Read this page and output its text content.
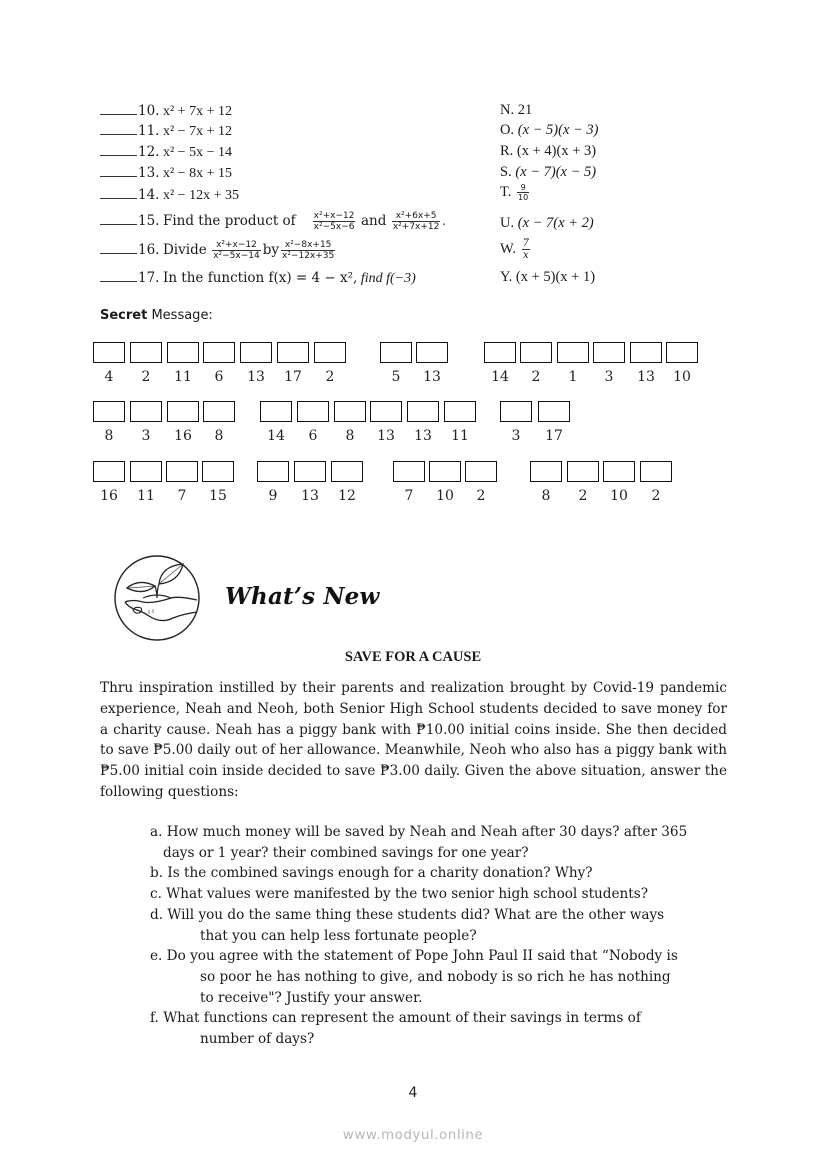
10. x² + 7x + 12
11. x² − 7x + 12
12. x² − 5x − 14
13. x² − 8x + 15
14. x² − 12x + 35
15. Find the product of $\frac{\text{x²+x−12}}{\text{x²−5x−6}}$ and $\frac{\text{x²+6x+5}}{\text{x²+7x+12}}$ .
16. Divide $\frac{\text{x²+x−12}}{\text{x²−5x−14}}$ by $\frac{\text{x²−8x+15}}{\text{x²−12x+35}}$
17. In the function f(x) = 4 − x², find f(−3)
N. 21
O. (x − 5)(x − 3)
R. (x + 4)(x + 3)
S. (x − 7)(x − 5)
T. $\frac{9}{10}$
U. (x − 7(x + 2)
W. $\frac{7}{x}$
Y. (x + 5)(x + 1)
Secret Message:
4	2	11	6	13	17	2	5	13	14	2	1	3	13	10
8	3	16	8	14	6	8	13	13	11	3	17
16	11	7	15	9	13	12	7	10	2	8	2	10	2
What’s New
SAVE FOR A CAUSE
Thru inspiration instilled by their parents and realization brought by Covid-19 pandemic experience, Neah and Neoh, both Senior High School students decided to save money for a charity cause. Neah has a piggy bank with ₱10.00 initial coins inside. She then decided to save ₱5.00 daily out of her allowance. Meanwhile, Neoh who also has a piggy bank with ₱5.00 initial coin inside decided to save ₱3.00 daily. Given the above situation, answer the following questions:
a. How much money will be saved by Neah and Neah after 30 days? after 365
days or 1 year? their combined savings for one year?
b. Is the combined savings enough for a charity donation? Why?
c. What values were manifested by the two senior high school students?
d. Will you do the same thing these students did? What are the other ways
that you can help less fortunate people?
e. Do you agree with the statement of Pope John Paul II said that “Nobody is
so poor he has nothing to give, and nobody is so rich he has nothing
to receive"? Justify your answer.
f. What functions can represent the amount of their savings in terms of
number of days?
4
www.modyul.online
